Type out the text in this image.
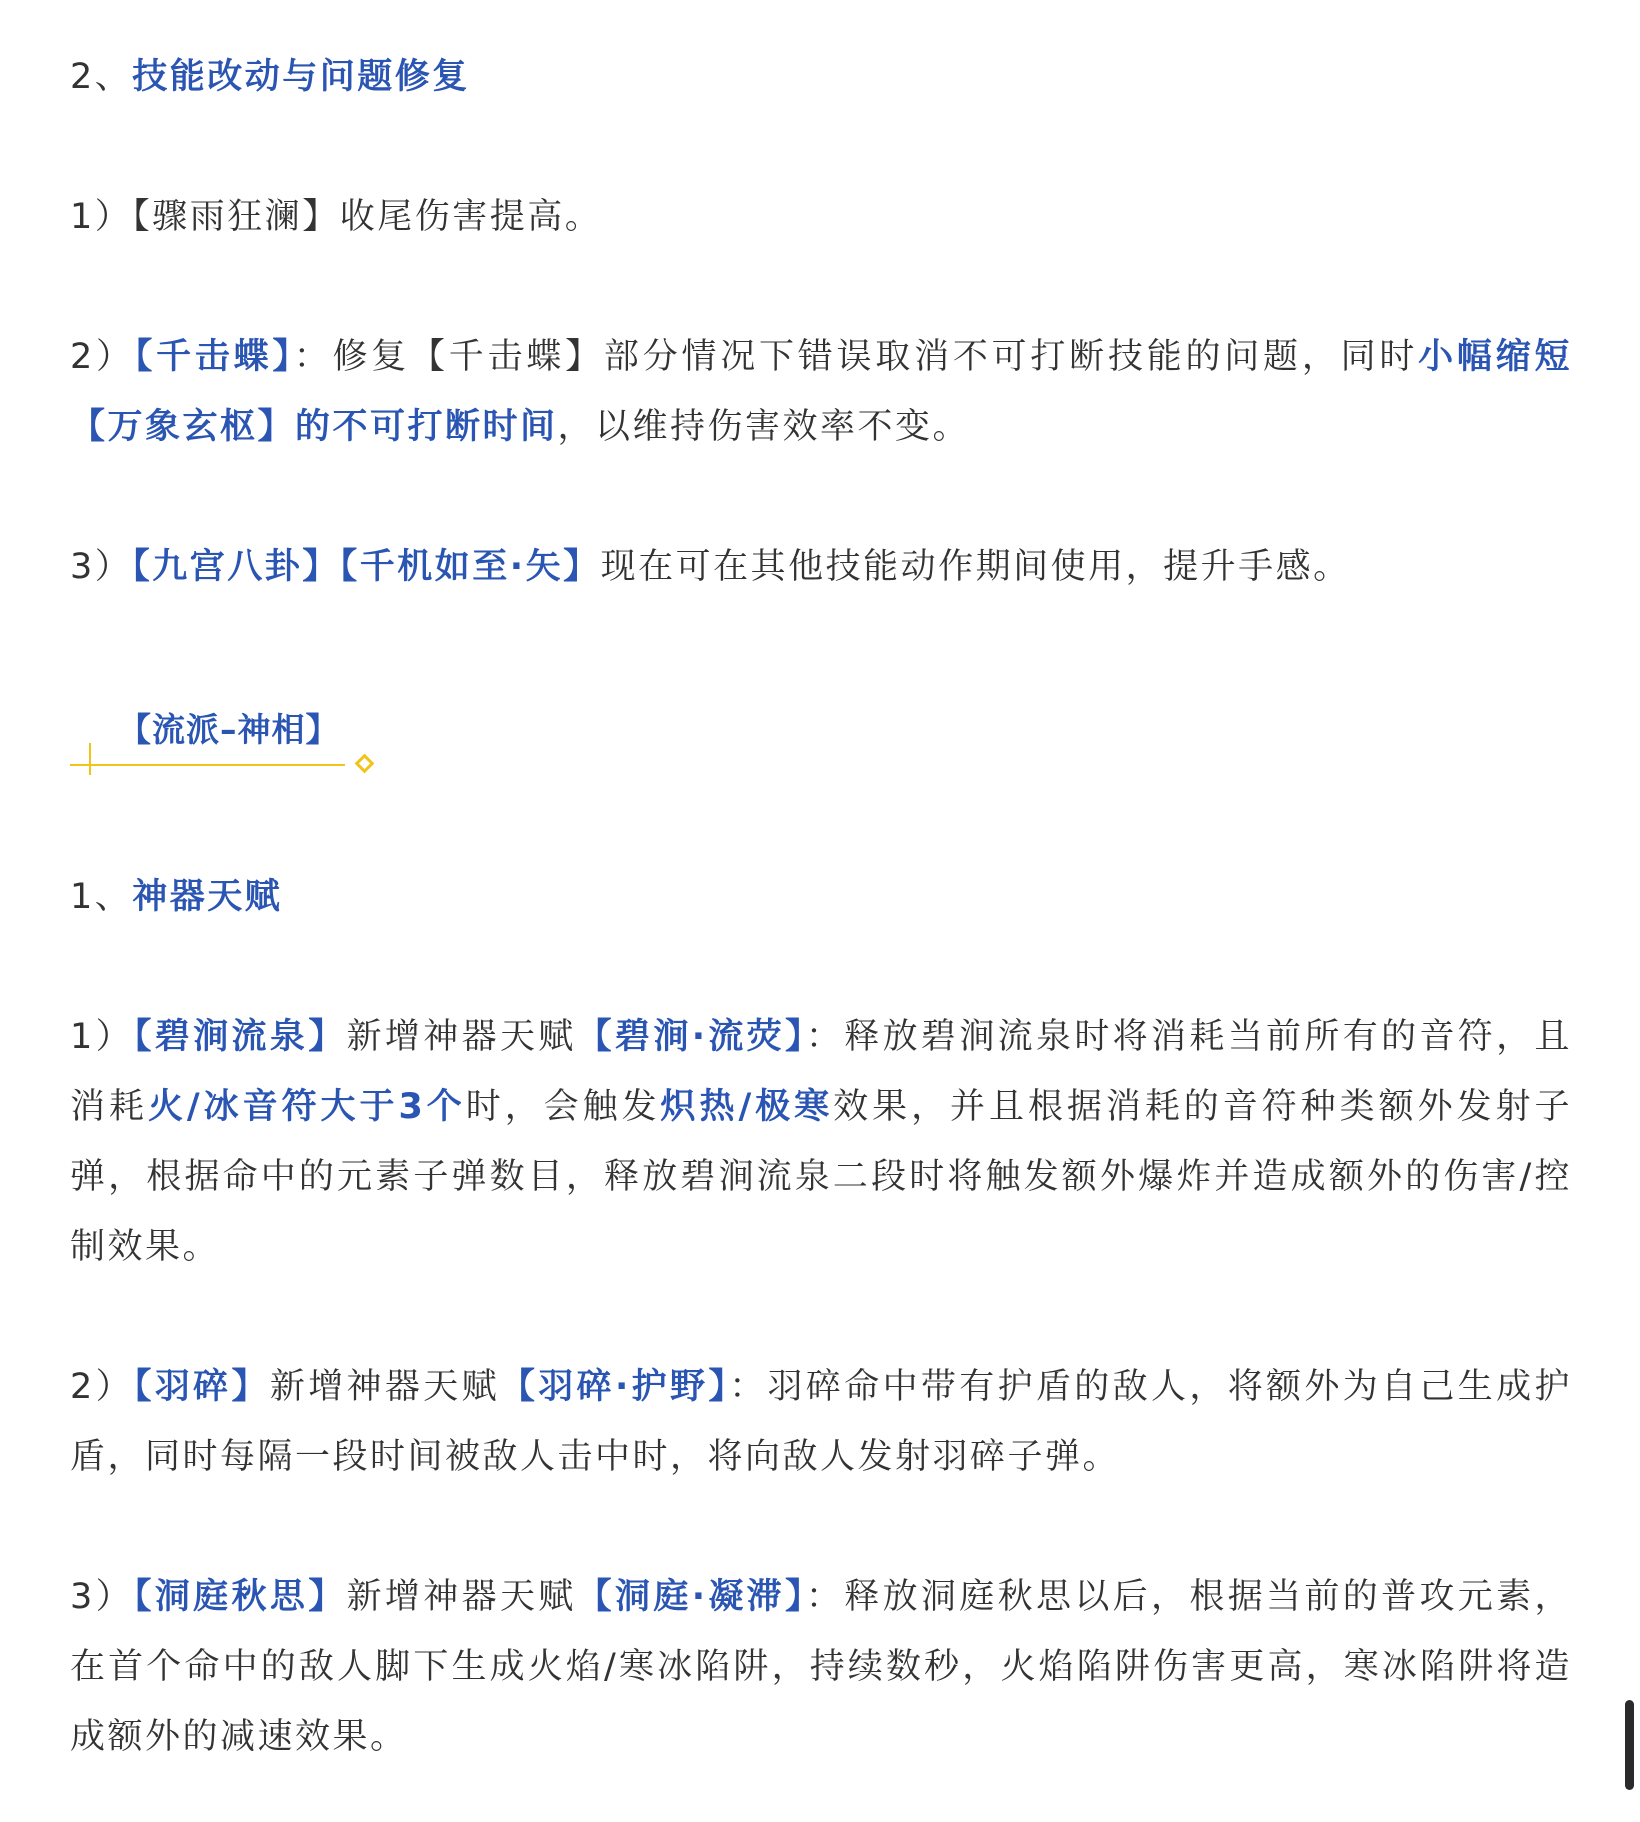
2、技能改动与问题修复
1）【骤雨狂澜】收尾伤害提高。
2）【千击蝶】：修复【千击蝶】部分情况下错误取消不可打断技能的问题，同时小幅缩短【万象玄枢】的不可打断时间，以维持伤害效率不变。
3）【九宫八卦】【千机如至·矢】现在可在其他技能动作期间使用，提升手感。
1、神器天赋
1）【碧涧流泉】新增神器天赋【碧涧·流荧】：释放碧涧流泉时将消耗当前所有的音符，且消耗火/冰音符大于3个时，会触发炽热/极寒效果，并且根据消耗的音符种类额外发射子弹，根据命中的元素子弹数目，释放碧涧流泉二段时将触发额外爆炸并造成额外的伤害/控制效果。
2）【羽碎】新增神器天赋【羽碎·护野】：羽碎命中带有护盾的敌人，将额外为自己生成护盾，同时每隔一段时间被敌人击中时，将向敌人发射羽碎子弹。
3）【洞庭秋思】新增神器天赋【洞庭·凝滞】：释放洞庭秋思以后，根据当前的普攻元素，在首个命中的敌人脚下生成火焰/寒冰陷阱，持续数秒，火焰陷阱伤害更高，寒冰陷阱将造成额外的减速效果。
【流派–神相】
